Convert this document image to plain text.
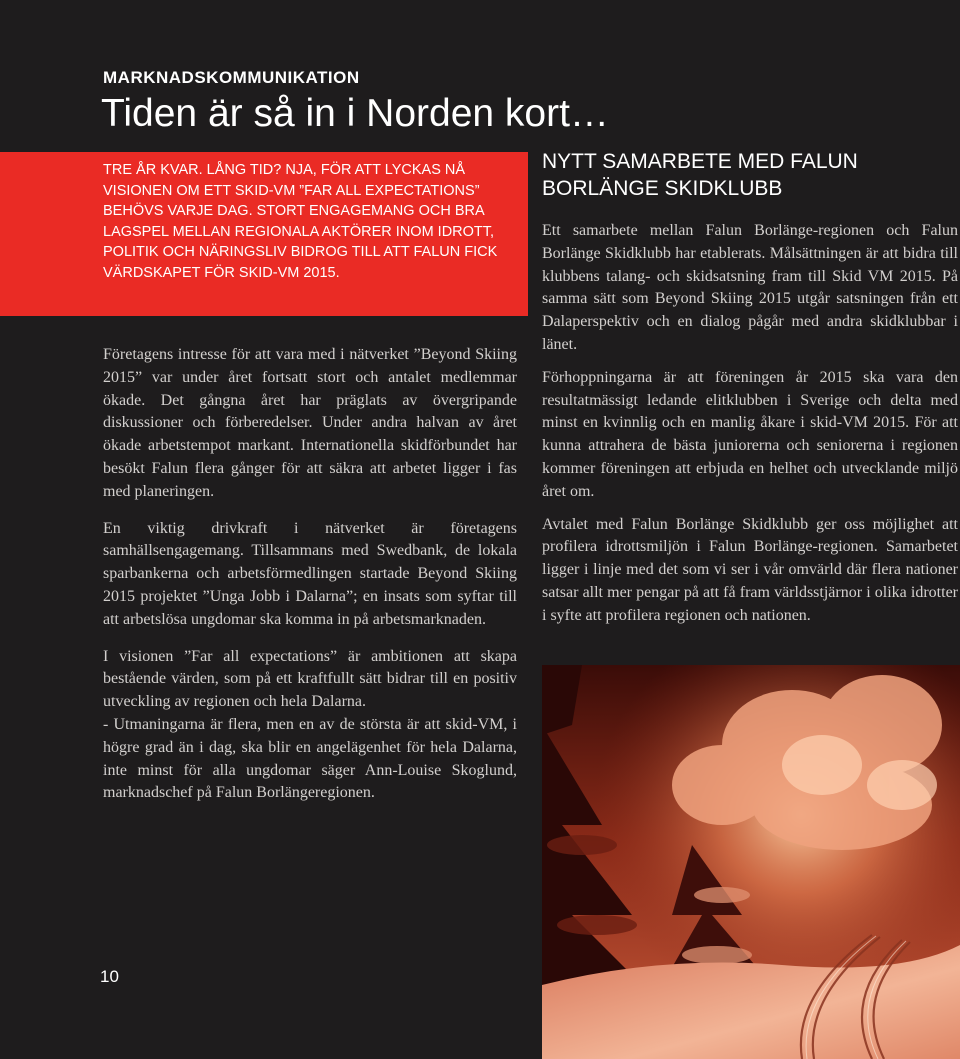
MARKNADSKOMMUNIKATION
Tiden är så in i Norden kort…

TRE ÅR KVAR. LÅNG TID? NJA, FÖR ATT LYCKAS NÅ VISIONEN OM ETT SKID-VM ”FAR ALL EXPECTATIONS” BEHÖVS VARJE DAG. STORT ENGAGEMANG OCH BRA LAGSPEL MELLAN REGIONALA AKTÖRER INOM IDROTT, POLITIK OCH NÄRINGSLIV BIDROG TILL ATT FALUN FICK VÄRDSKAPET FÖR SKID-VM 2015.

Företagens intresse för att vara med i nätverket ”Beyond Skiing 2015” var under året fortsatt stort och antalet medlemmar ökade. Det gångna året har präglats av övergripande diskussioner och förberedelser. Under andra halvan av året ökade arbetstempot markant. Internationella skidförbundet har besökt Falun flera gånger för att säkra att arbetet ligger i fas med planeringen.

En viktig drivkraft i nätverket är företagens samhällsengagemang. Tillsammans med Swedbank, de lokala sparbankerna och arbetsförmedlingen startade Beyond Skiing 2015 projektet ”Unga Jobb i Dalarna”; en insats som syftar till att arbetslösa ungdomar ska komma in på arbetsmarknaden.

I visionen ”Far all expectations” är ambitionen att skapa bestående värden, som på ett kraftfullt sätt bidrar till en positiv utveckling av regionen och hela Dalarna.

- Utmaningarna är flera, men en av de största är att skid-VM, i högre grad än i dag, ska blir en angelägenhet för hela Dalarna, inte minst för alla ungdomar säger Ann-Louise Skoglund, marknadschef på Falun Borlängeregionen.

NYTT SAMARBETE MED FALUN BORLÄNGE SKIDKLUBB

Ett samarbete mellan Falun Borlänge-regionen och Falun Borlänge Skidklubb har etablerats. Målsättningen är att bidra till klubbens talang- och skidsatsning fram till Skid VM 2015. På samma sätt som Beyond Skiing 2015 utgår satsningen från ett Dalaperspektiv och en dialog pågår med andra skidklubbar i länet.

Förhoppningarna är att föreningen år 2015 ska vara den resultatmässigt ledande elitklubben i Sverige och delta med minst en kvinnlig och en manlig åkare i skid-VM 2015. För att kunna attrahera de bästa juniorerna och seniorerna i regionen kommer föreningen att erbjuda en helhet och utvecklande miljö året om.

Avtalet med Falun Borlänge Skidklubb ger oss möjlighet att profilera idrottsmiljön i Falun Borlänge-regionen. Samarbetet ligger i linje med det som vi ser i vår omvärld där flera nationer satsar allt mer pengar på att få fram världsstjärnor i olika idrotter i syfte att profilera regionen och nationen.

10
